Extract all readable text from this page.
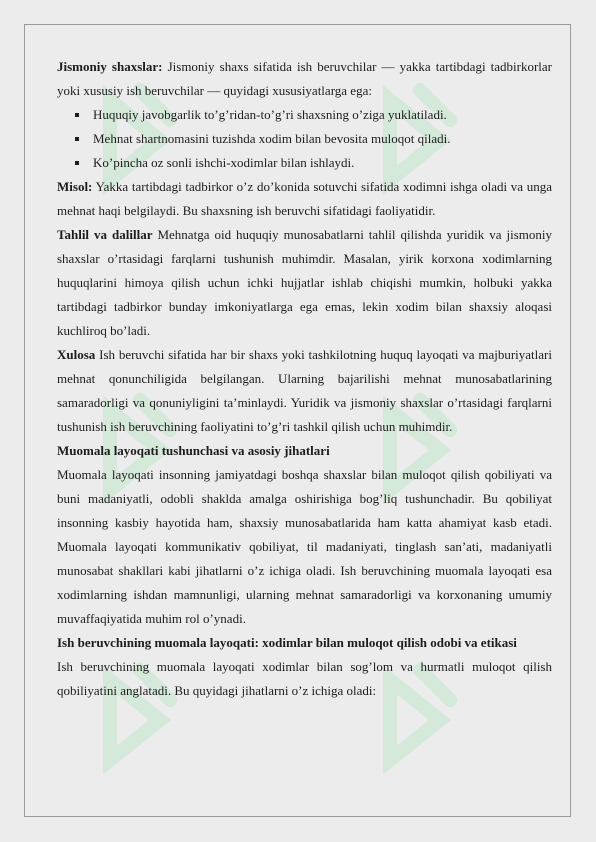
Jismoniy shaxslar: Jismoniy shaxs sifatida ish beruvchilar — yakka tartibdagi tadbirkorlar yoki xususiy ish beruvchilar — quyidagi xususiyatlarga ega:

Huquqiy javobgarlik to’g’ridan-to’g’ri shaxsning o’ziga yuklatiladi.
Mehnat shartnomasini tuzishda xodim bilan bevosita muloqot qiladi.
Ko’pincha oz sonli ishchi-xodimlar bilan ishlaydi.

Misol: Yakka tartibdagi tadbirkor o’z do’konida sotuvchi sifatida xodimni ishga oladi va unga mehnat haqi belgilaydi. Bu shaxsning ish beruvchi sifatidagi faoliyatidir.

Tahlil va dalillar Mehnatga oid huquqiy munosabatlarni tahlil qilishda yuridik va jismoniy shaxslar o’rtasidagi farqlarni tushunish muhimdir. Masalan, yirik korxona xodimlarning huquqlarini himoya qilish uchun ichki hujjatlar ishlab chiqishi mumkin, holbuki yakka tartibdagi tadbirkor bunday imkoniyatlarga ega emas, lekin xodim bilan shaxsiy aloqasi kuchliroq bo’ladi.

Xulosa Ish beruvchi sifatida har bir shaxs yoki tashkilotning huquq layoqati va majburiyatlari mehnat qonunchiligida belgilangan. Ularning bajarilishi mehnat munosabatlarining samaradorligi va qonuniyligini ta’minlaydi. Yuridik va jismoniy shaxslar o’rtasidagi farqlarni tushunish ish beruvchining faoliyatini to’g’ri tashkil qilish uchun muhimdir.

Muomala layoqati tushunchasi va asosiy jihatlari

Muomala layoqati insonning jamiyatdagi boshqa shaxslar bilan muloqot qilish qobiliyati va buni madaniyatli, odobli shaklda amalga oshirishiga bog’liq tushunchadir. Bu qobiliyat insonning kasbiy hayotida ham, shaxsiy munosabatlarida ham katta ahamiyat kasb etadi. Muomala layoqati kommunikativ qobiliyat, til madaniyati, tinglash san’ati, madaniyatli munosabat shakllari kabi jihatlarni o’z ichiga oladi. Ish beruvchining muomala layoqati esa xodimlarning ishdan mamnunligi, ularning mehnat samaradorligi va korxonaning umumiy muvaffaqiyatida muhim rol o’ynadi.

Ish beruvchining muomala layoqati: xodimlar bilan muloqot qilish odobi va etikasi

Ish beruvchining muomala layoqati xodimlar bilan sog’lom va hurmatli muloqot qilish qobiliyatini anglatadi. Bu quyidagi jihatlarni o’z ichiga oladi:
